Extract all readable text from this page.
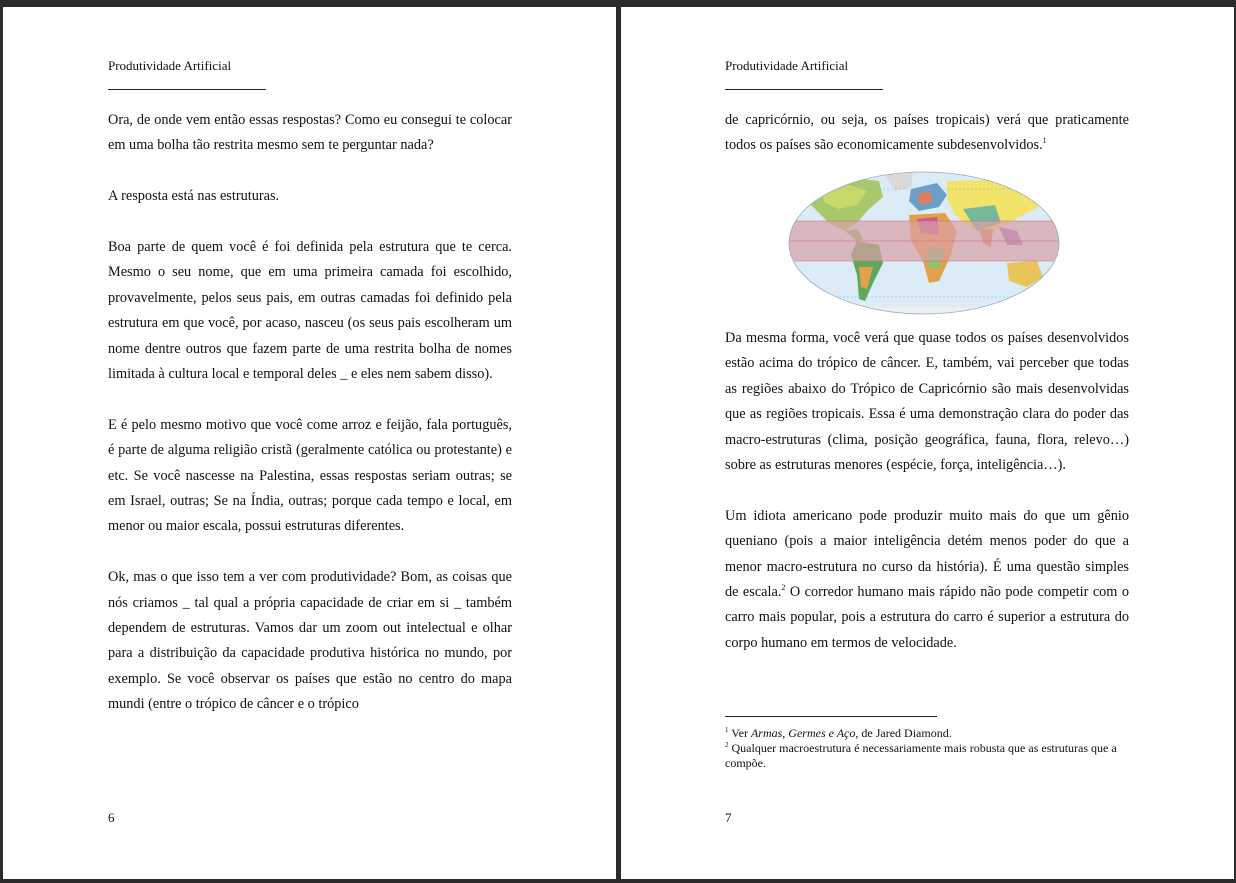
Produtividade Artificial

Ora, de onde vem então essas respostas? Como eu consegui te colocar em uma bolha tão restrita mesmo sem te perguntar nada?

A resposta está nas estruturas.

Boa parte de quem você é foi definida pela estrutura que te cerca. Mesmo o seu nome, que em uma primeira camada foi escolhido, provavelmente, pelos seus pais, em outras camadas foi definido pela estrutura em que você, por acaso, nasceu (os seus pais escolheram um nome dentre outros que fazem parte de uma restrita bolha de nomes limitada à cultura local e temporal deles _ e eles nem sabem disso).

E é pelo mesmo motivo que você come arroz e feijão, fala português, é parte de alguma religião cristã (geralmente católica ou protestante) e etc. Se você nascesse na Palestina, essas respostas seriam outras; se em Israel, outras; Se na Índia, outras; porque cada tempo e local, em menor ou maior escala, possui estruturas diferentes.

Ok, mas o que isso tem a ver com produtividade? Bom, as coisas que nós criamos _ tal qual a própria capacidade de criar em si _ também dependem de estruturas. Vamos dar um zoom out intelectual e olhar para a distribuição da capacidade produtiva histórica no mundo, por exemplo. Se você observar os países que estão no centro do mapa mundi (entre o trópico de câncer e o trópico

6
Produtividade Artificial

de capricórnio, ou seja, os países tropicais) verá que praticamente todos os países são economicamente subdesenvolvidos.$^1$

Da mesma forma, você verá que quase todos os países desenvolvidos estão acima do trópico de câncer. E, também, vai perceber que todas as regiões abaixo do Trópico de Capricórnio são mais desenvolvidas que as regiões tropicais. Essa é uma demonstração clara do poder das macro-estruturas (clima, posição geográfica, fauna, flora, relevo…) sobre as estruturas menores (espécie, força, inteligência…).

Um idiota americano pode produzir muito mais do que um gênio queniano (pois a maior inteligência detém menos poder do que a menor macro-estrutura no curso da história). É uma questão simples de escala.$^2$ O corredor humano mais rápido não pode competir com o carro mais popular, pois a estrutura do carro é superior a estrutura do corpo humano em termos de velocidade.

$^1$ Ver Armas, Germes e Aço, de Jared Diamond.
$^2$ Qualquer macroestrutura é necessariamente mais robusta que as estruturas que a compõe.
7
